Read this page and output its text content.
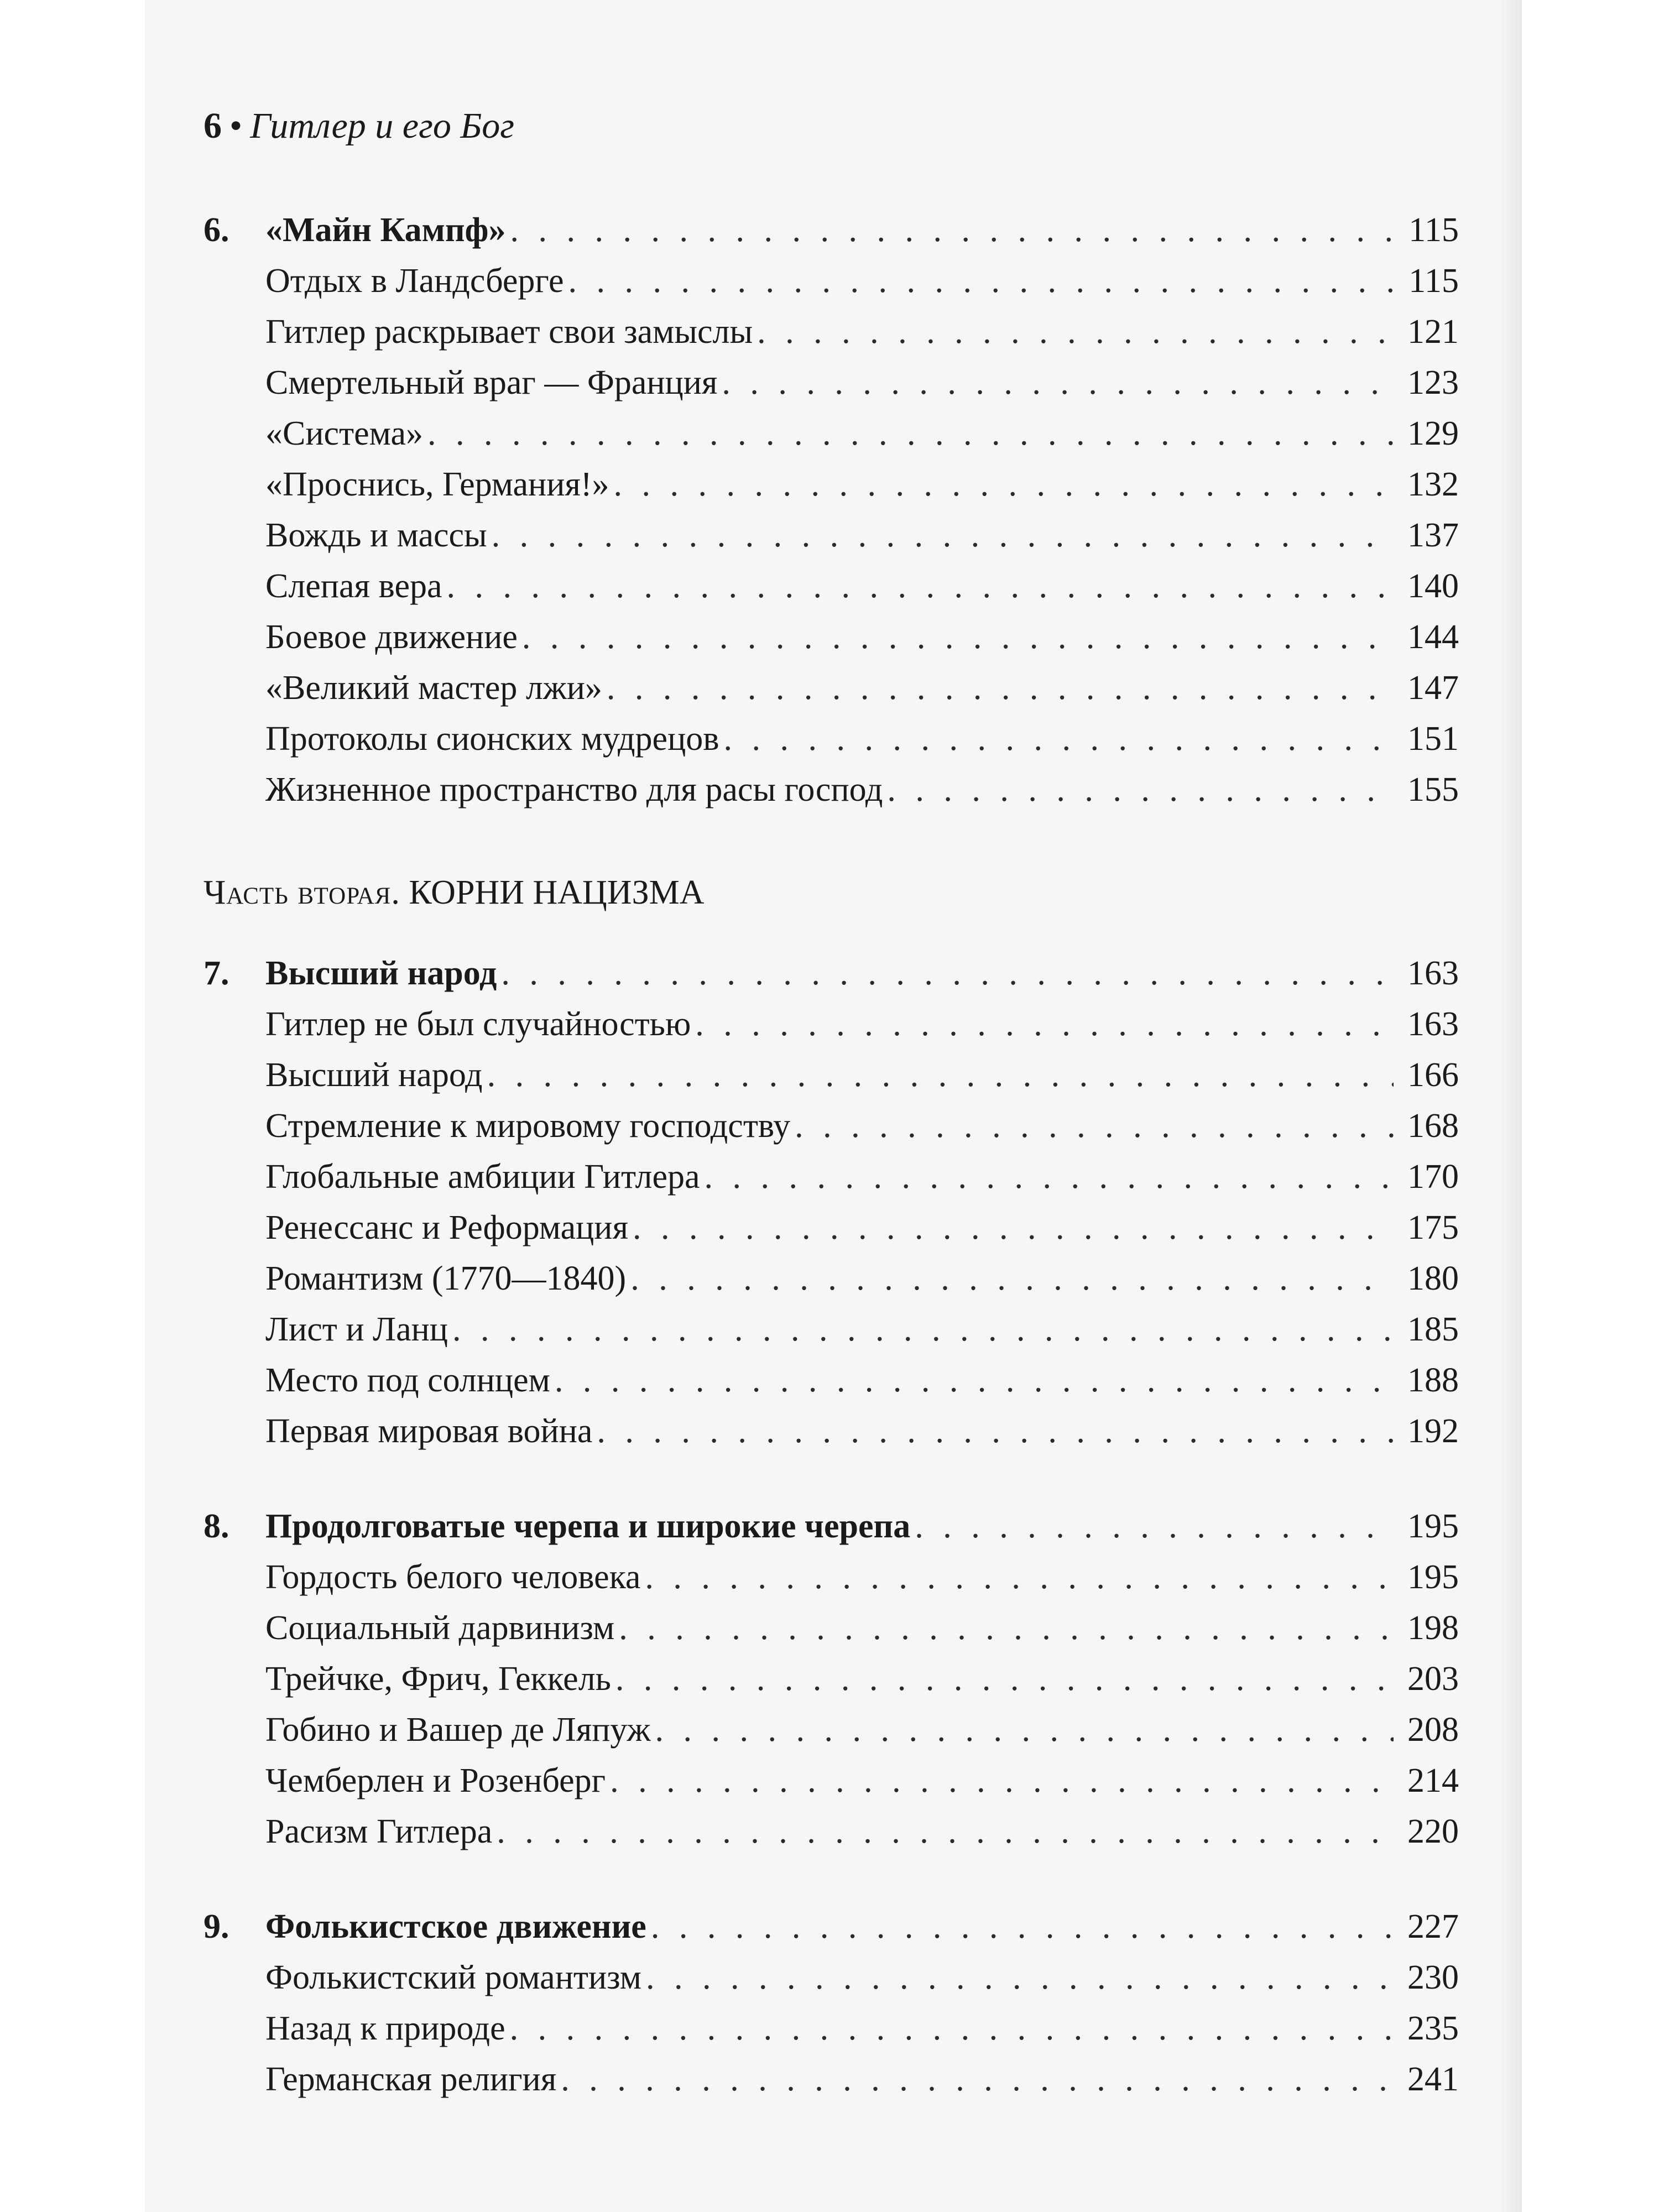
6 • Гитлер и его Бог
6.	«Майн Кампф» . . .	115
Отдых в Ландсберге . . .	115
Гитлер раскрывает свои замыслы . . .	121
Смертельный враг — Франция . . .	123
«Система» . . .	129
«Проснись, Германия!» . . .	132
Вождь и массы . . .	137
Слепая вера . . .	140
Боевое движение . . .	144
«Великий мастер лжи» . . .	147
Протоколы сионских мудрецов . . .	151
Жизненное пространство для расы господ . . .	155
Часть вторая. КОРНИ НАЦИЗМА
7.	Высший народ . . .	163
Гитлер не был случайностью . . .	163
Высший народ . . .	166
Стремление к мировому господству . . .	168
Глобальные амбиции Гитлера . . .	170
Ренессанс и Реформация . . .	175
Романтизм (1770—1840) . . .	180
Лист и Ланц . . .	185
Место под солнцем . . .	188
Первая мировая война . . .	192
8.	Продолговатые черепа и широкие черепа . . .	195
Гордость белого человека . . .	195
Социальный дарвинизм . . .	198
Трейчке, Фрич, Геккель . . .	203
Гобино и Вашер де Ляпуж . . .	208
Чемберлен и Розенберг . . .	214
Расизм Гитлера . . .	220
9.	Фолькистское движение . . .	227
Фолькистский романтизм . . .	230
Назад к природе . . .	235
Германская религия . . .	241
